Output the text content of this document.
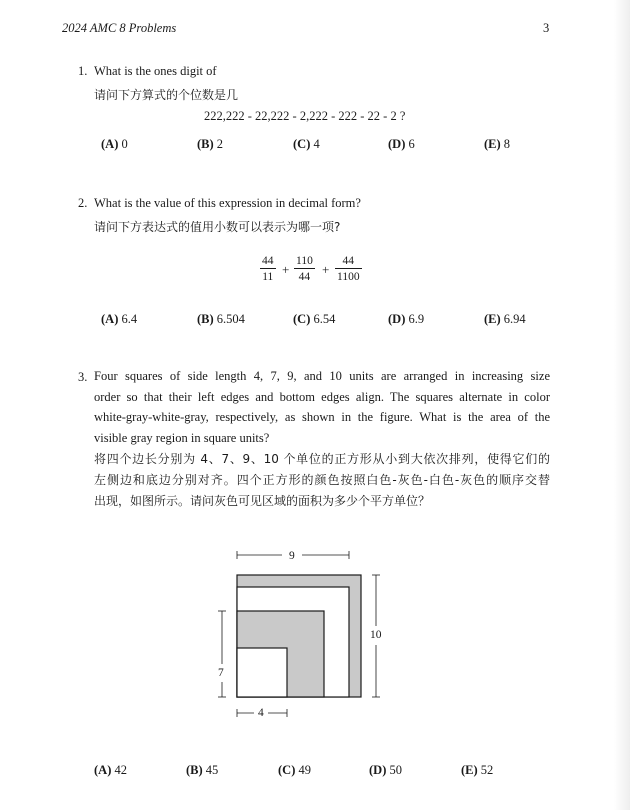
2024 AMC 8 Problems	3
1. What is the ones digit of
请问下方算式的个位数是几
222,222 - 22,222 - 2,222 - 222 - 22 - 2 ?
(A) 0	(B) 2	(C) 4	(D) 6	(E) 8
2. What is the value of this expression in decimal form?
请问下方表达式的值用小数可以表示为哪一项?
44
11 +
110
44 +
44
1100
(A) 6.4	(B) 6.504	(C) 6.54	(D) 6.9	(E) 6.94
3. Four squares of side length 4, 7, 9, and 10 units are arranged in increasing size
order so that their left edges and bottom edges align. The squares alternate in color
white-gray-white-gray, respectively, as shown in the figure. What is the area of the
visible gray region in square units?
将四个边长分别为 4、7、9、10 个单位的正方形从小到大依次排列，使得它们的
左侧边和底边分别对齐。四个正方形的颜色按照白色-灰色-白色-灰色的顺序交替
出现，如图所示。请问灰色可见区域的面积为多少个平方单位？
9
10
7
4
(A) 42	(B) 45	(C) 49	(D) 50	(E) 52
